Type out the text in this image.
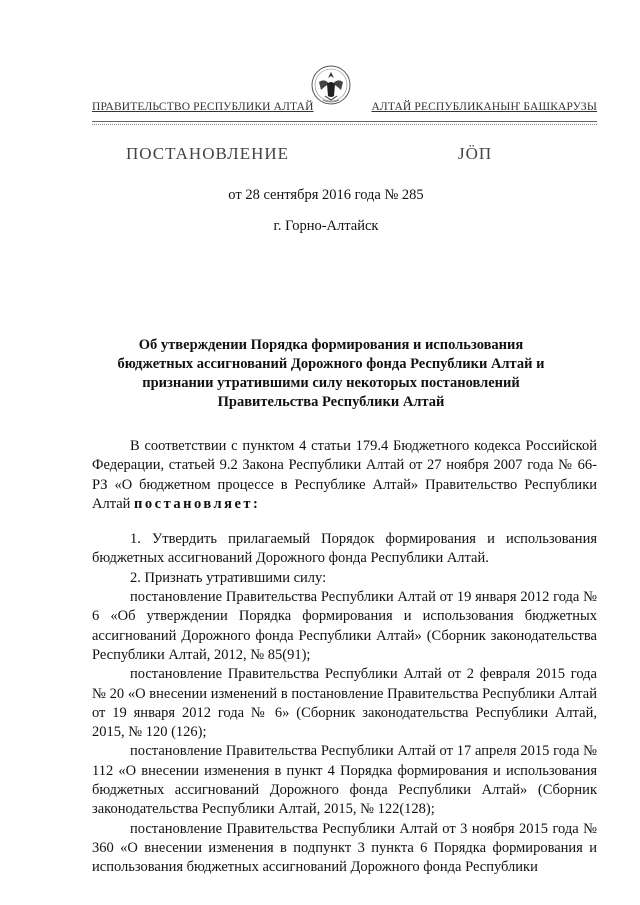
ПРАВИТЕЛЬСТВО РЕСПУБЛИКИ АЛТАЙ	АЛТАЙ РЕСПУБЛИКАНЫҤ БАШКАРУЗЫ
ПОСТАНОВЛЕНИЕ	JӦП
от 28 сентября 2016 года № 285
г. Горно-Алтайск
Об утверждении Порядка формирования и использования бюджетных ассигнований Дорожного фонда Республики Алтай и признании утратившими силу некоторых постановлений Правительства Республики Алтай

В соответствии с пунктом 4 статьи 179.4 Бюджетного кодекса Российской Федерации, статьей 9.2 Закона Республики Алтай от 27 ноября 2007 года № 66-РЗ «О бюджетном процессе в Республике Алтай» Правительство Республики Алтай постановляет:

1. Утвердить прилагаемый Порядок формирования и использования бюджетных ассигнований Дорожного фонда Республики Алтай.

2. Признать утратившими силу:

постановление Правительства Республики Алтай от 19 января 2012 года № 6 «Об утверждении Порядка формирования и использования бюджетных ассигнований Дорожного фонда Республики Алтай» (Сборник законодательства Республики Алтай, 2012, № 85(91);

постановление Правительства Республики Алтай от 2 февраля 2015 года № 20 «О внесении изменений в постановление Правительства Республики Алтай от 19 января 2012 года № 6» (Сборник законодательства Республики Алтай, 2015, № 120 (126);

постановление Правительства Республики Алтай от 17 апреля 2015 года № 112 «О внесении изменения в пункт 4 Порядка формирования и использования бюджетных ассигнований Дорожного фонда Республики Алтай» (Сборник законодательства Республики Алтай, 2015, № 122(128);

постановление Правительства Республики Алтай от 3 ноября 2015 года № 360 «О внесении изменения в подпункт 3 пункта 6 Порядка формирования и использования бюджетных ассигнований Дорожного фонда Республики
